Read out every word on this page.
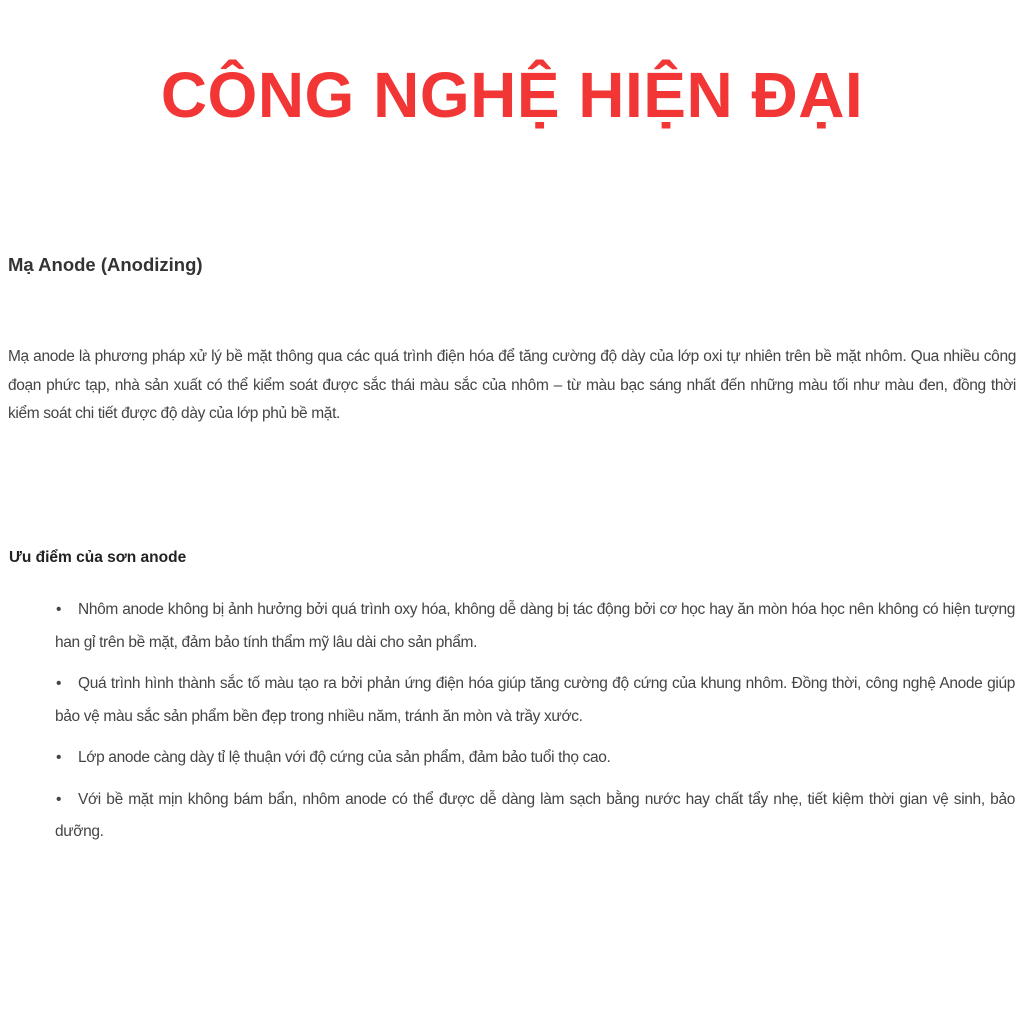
CÔNG NGHỆ HIỆN ĐẠI
Mạ Anode (Anodizing)

Mạ anode là phương pháp xử lý bề mặt thông qua các quá trình điện hóa để tăng cường độ dày của lớp oxi tự nhiên trên bề mặt nhôm. Qua nhiều công đoạn phức tạp, nhà sản xuất có thể kiểm soát được sắc thái màu sắc của nhôm – từ màu bạc sáng nhất đến những màu tối như màu đen, đồng thời kiểm soát chi tiết được độ dày của lớp phủ bề mặt.

Ưu điểm của sơn anode
• Nhôm anode không bị ảnh hưởng bởi quá trình oxy hóa, không dễ dàng bị tác động bởi cơ học hay ăn mòn hóa học nên không có hiện tượng han gỉ trên bề mặt, đảm bảo tính thẩm mỹ lâu dài cho sản phẩm.
• Quá trình hình thành sắc tố màu tạo ra bởi phản ứng điện hóa giúp tăng cường độ cứng của khung nhôm. Đồng thời, công nghệ Anode giúp bảo vệ màu sắc sản phẩm bền đẹp trong nhiều năm, tránh ăn mòn và trầy xước.
• Lớp anode càng dày tỉ lệ thuận với độ cứng của sản phẩm, đảm bảo tuổi thọ cao.
• Với bề mặt mịn không bám bẩn, nhôm anode có thể được dễ dàng làm sạch bằng nước hay chất tẩy nhẹ, tiết kiệm thời gian vệ sinh, bảo dưỡng.
